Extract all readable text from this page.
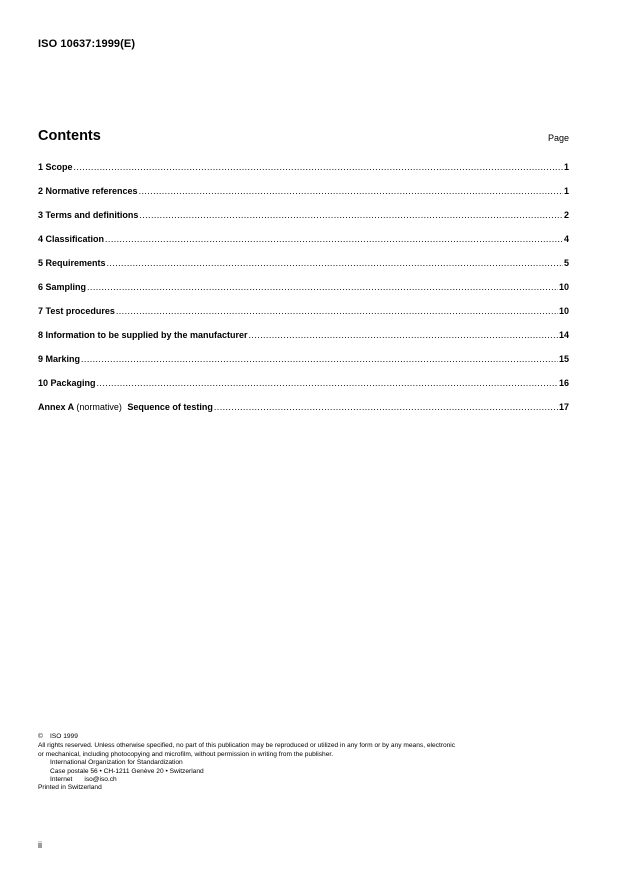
ISO 10637:1999(E)
Contents	Page
1 Scope .....	1
2 Normative references .....	1
3 Terms and definitions .....	2
4 Classification .....	4
5 Requirements .....	5
6 Sampling .....	10
7 Test procedures .....	10
8 Information to be supplied by the manufacturer .....	14
9 Marking .....	15
10 Packaging .....	16
Annex A (normative) Sequence of testing .....	17
© ISO 1999
All rights reserved. Unless otherwise specified, no part of this publication may be reproduced or utilized in any form or by any means, electronic
or mechanical, including photocopying and microfilm, without permission in writing from the publisher.
International Organization for Standardization
Case postale 56 • CH-1211 Genève 20 • Switzerland
Internet iso@iso.ch
Printed in Switzerland
ii
